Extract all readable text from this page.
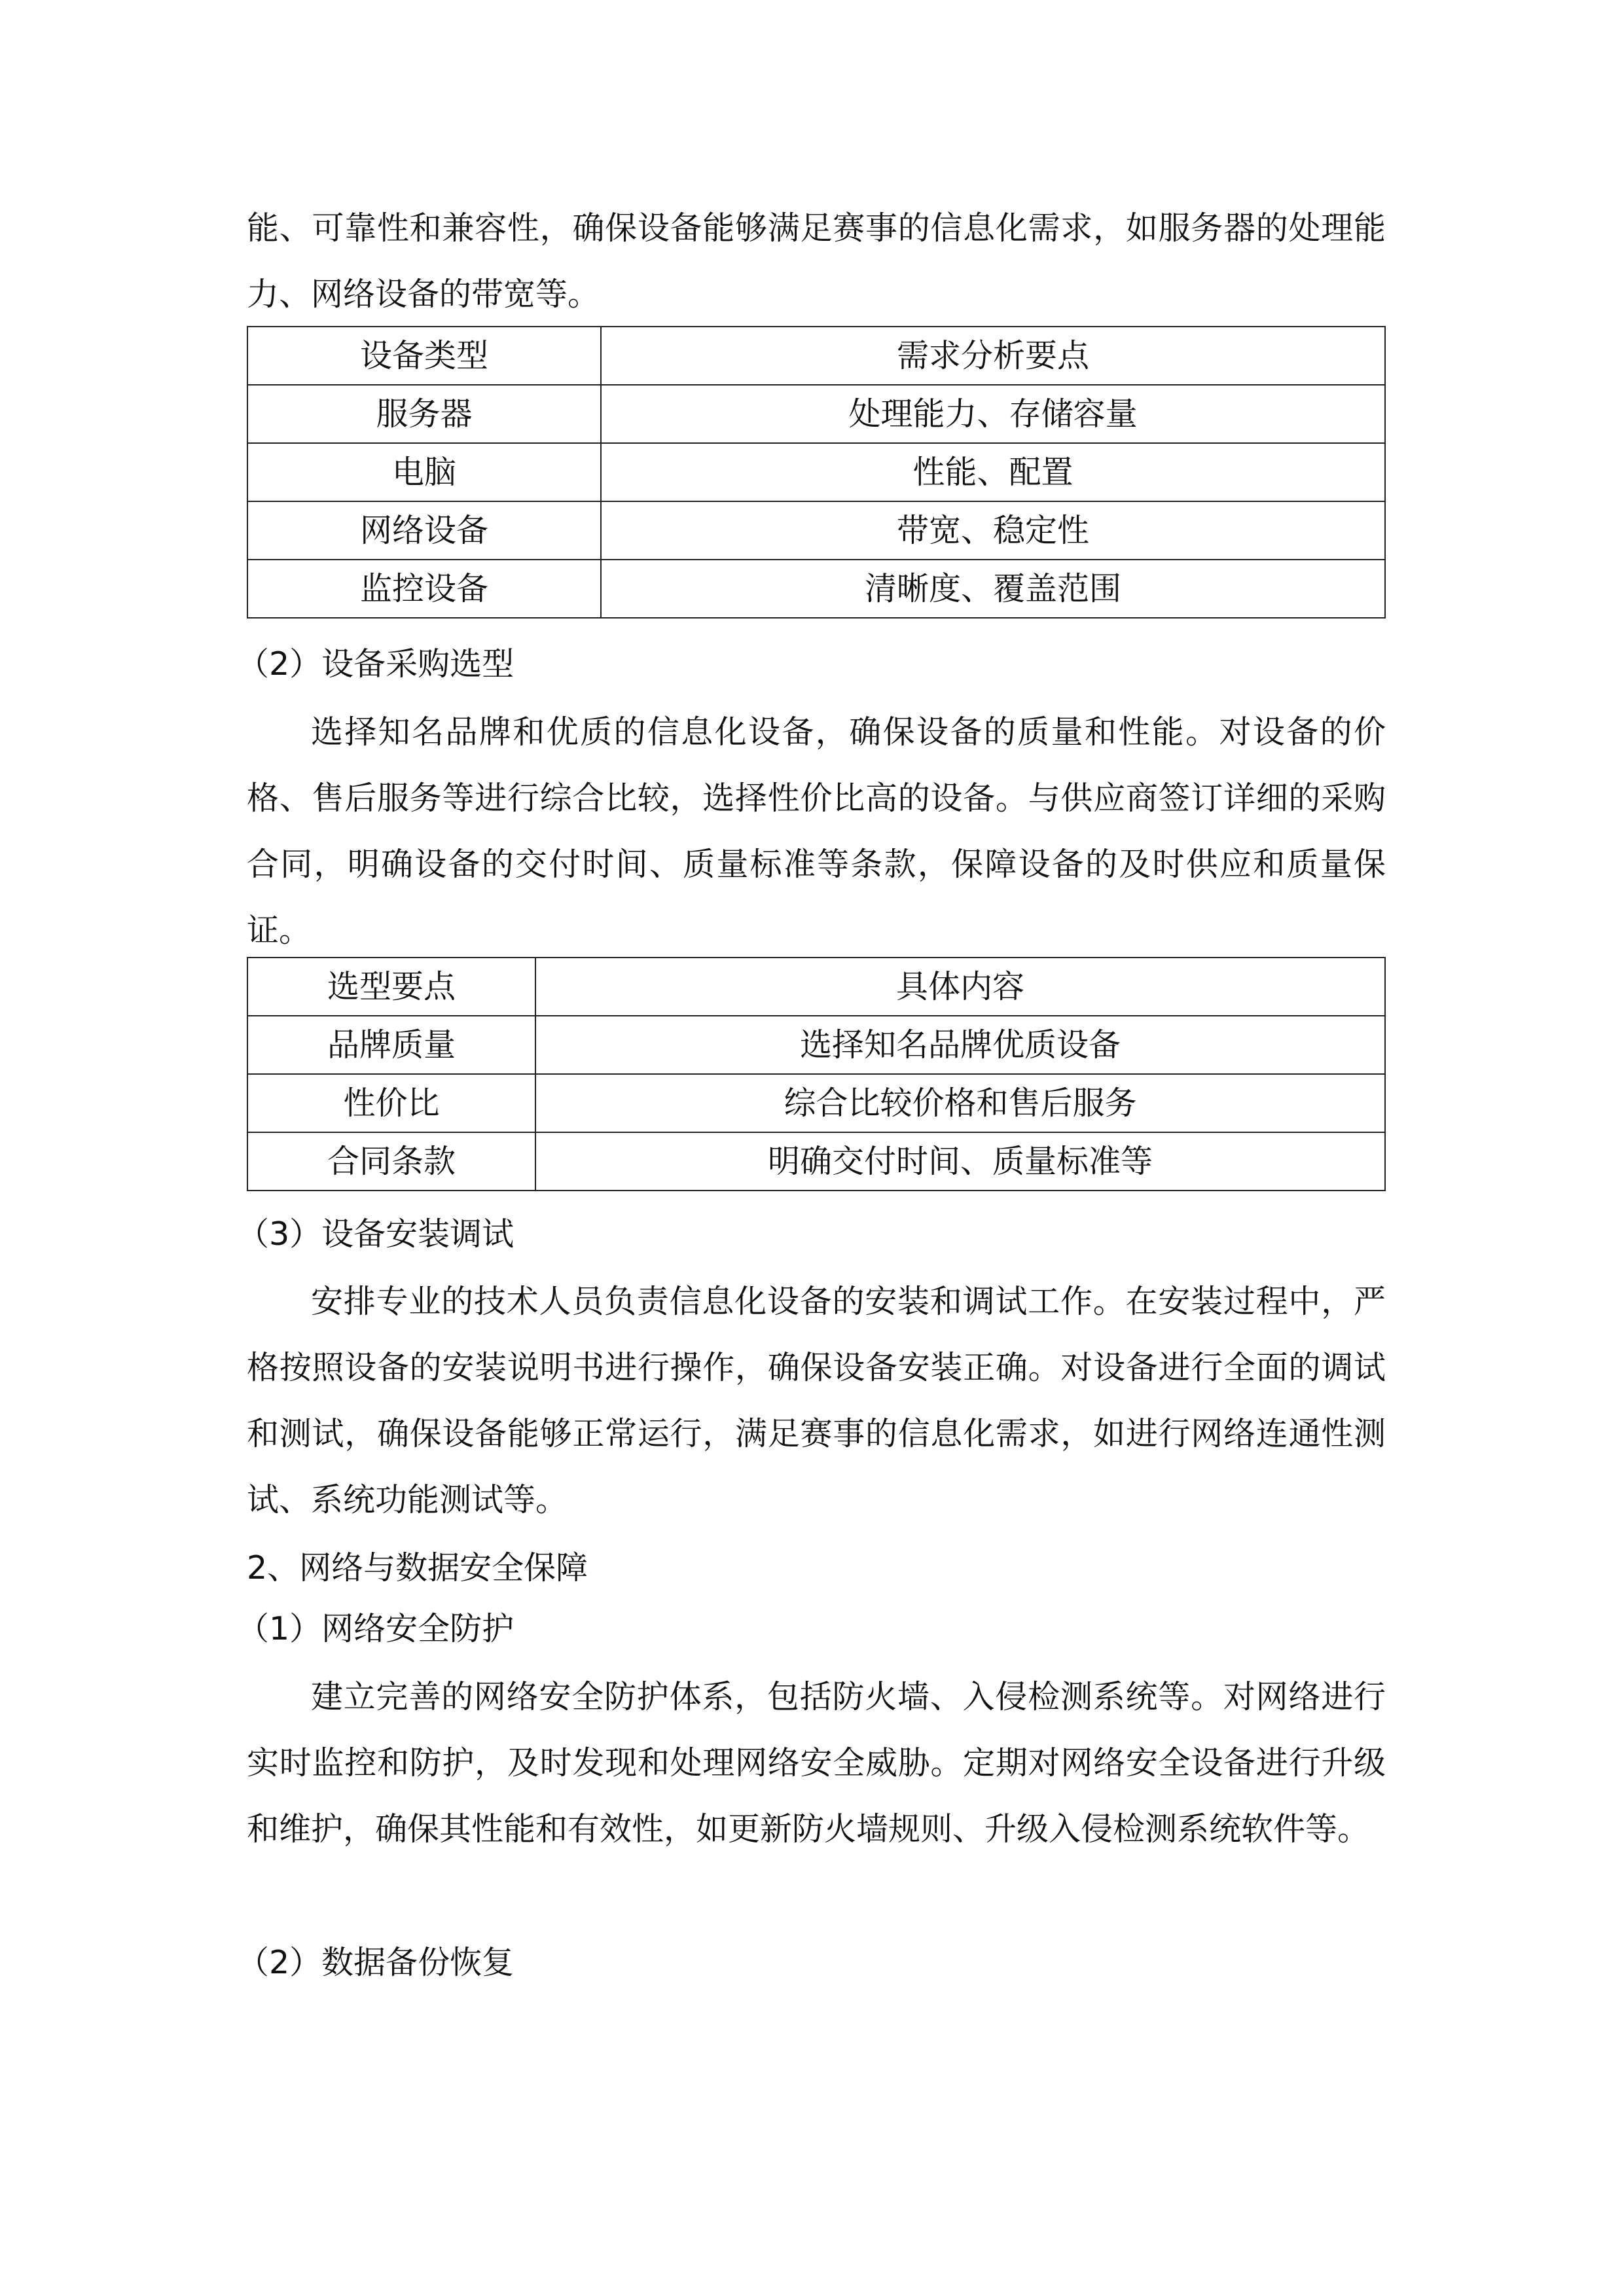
能、可靠性和兼容性，确保设备能够满足赛事的信息化需求，如服务器的处理能力、网络设备的带宽等。

设备类型	需求分析要点
服务器	处理能力、存储容量
电脑	性能、配置
网络设备	带宽、稳定性
监控设备	清晰度、覆盖范围

（2）设备采购选型

选择知名品牌和优质的信息化设备，确保设备的质量和性能。对设备的价格、售后服务等进行综合比较，选择性价比高的设备。与供应商签订详细的采购合同，明确设备的交付时间、质量标准等条款，保障设备的及时供应和质量保证。

选型要点	具体内容
品牌质量	选择知名品牌优质设备
性价比	综合比较价格和售后服务
合同条款	明确交付时间、质量标准等

（3）设备安装调试

安排专业的技术人员负责信息化设备的安装和调试工作。在安装过程中，严格按照设备的安装说明书进行操作，确保设备安装正确。对设备进行全面的调试和测试，确保设备能够正常运行，满足赛事的信息化需求，如进行网络连通性测试、系统功能测试等。

2、网络与数据安全保障

（1）网络安全防护

建立完善的网络安全防护体系，包括防火墙、入侵检测系统等。对网络进行实时监控和防护，及时发现和处理网络安全威胁。定期对网络安全设备进行升级和维护，确保其性能和有效性，如更新防火墙规则、升级入侵检测系统软件等。

（2）数据备份恢复
